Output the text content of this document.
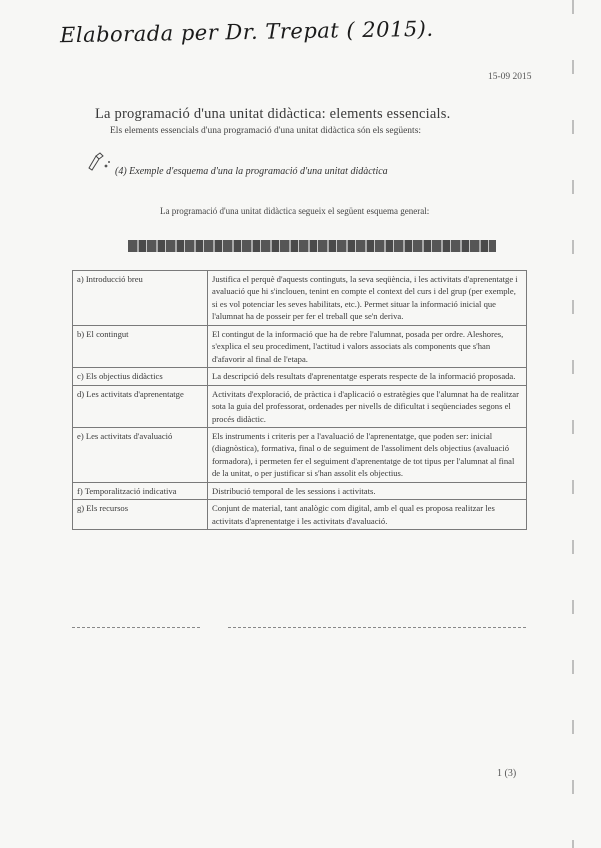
Elaborada per Dr. Trepat ( 2015).
15-09 2015
La programació d'una unitat didàctica: elements essencials.
Els elements essencials d'una programació d'una unitat didàctica són els següents:
(4) Exemple d'esquema d'una la programació d'una unitat didàctica
La programació d'una unitat didàctica segueix el següent esquema general:
a) Introducció breu	Justifica el perquè d'aquests continguts, la seva seqüència, i les activitats d'aprenentatge i avaluació que hi s'inclouen, tenint en compte el context del curs i del grup (per exemple, si es vol potenciar les seves habilitats, etc.). Permet situar la informació inicial que l'alumnat ha de posseir per fer el treball que se'n deriva.
b) El contingut	El contingut de la informació que ha de rebre l'alumnat, posada per ordre. Aleshores, s'explica el seu procediment, l'actitud i valors associats als components que s'han d'afavorir al final de l'etapa.
c) Els objectius didàctics	La descripció dels resultats d'aprenentatge esperats respecte de la informació proposada.
d) Les activitats d'aprenentatge	Activitats d'exploració, de pràctica i d'aplicació o estratègies que l'alumnat ha de realitzar sota la guia del professorat, ordenades per nivells de dificultat i seqüenciades segons el procés didàctic.
e) Les activitats d'avaluació	Els instruments i criteris per a l'avaluació de l'aprenentatge, que poden ser: inicial (diagnòstica), formativa, final o de seguiment de l'assoliment dels objectius (avaluació formadora), i permeten fer el seguiment d'aprenentatge de tot tipus per l'alumnat al final de la unitat, o per justificar si s'han assolit els objectius.
f) Temporalització indicativa	Distribució temporal de les sessions i activitats.
g) Els recursos	Conjunt de material, tant analògic com digital, amb el qual es proposa realitzar les activitats d'aprenentatge i les activitats d'avaluació.
1 (3)
